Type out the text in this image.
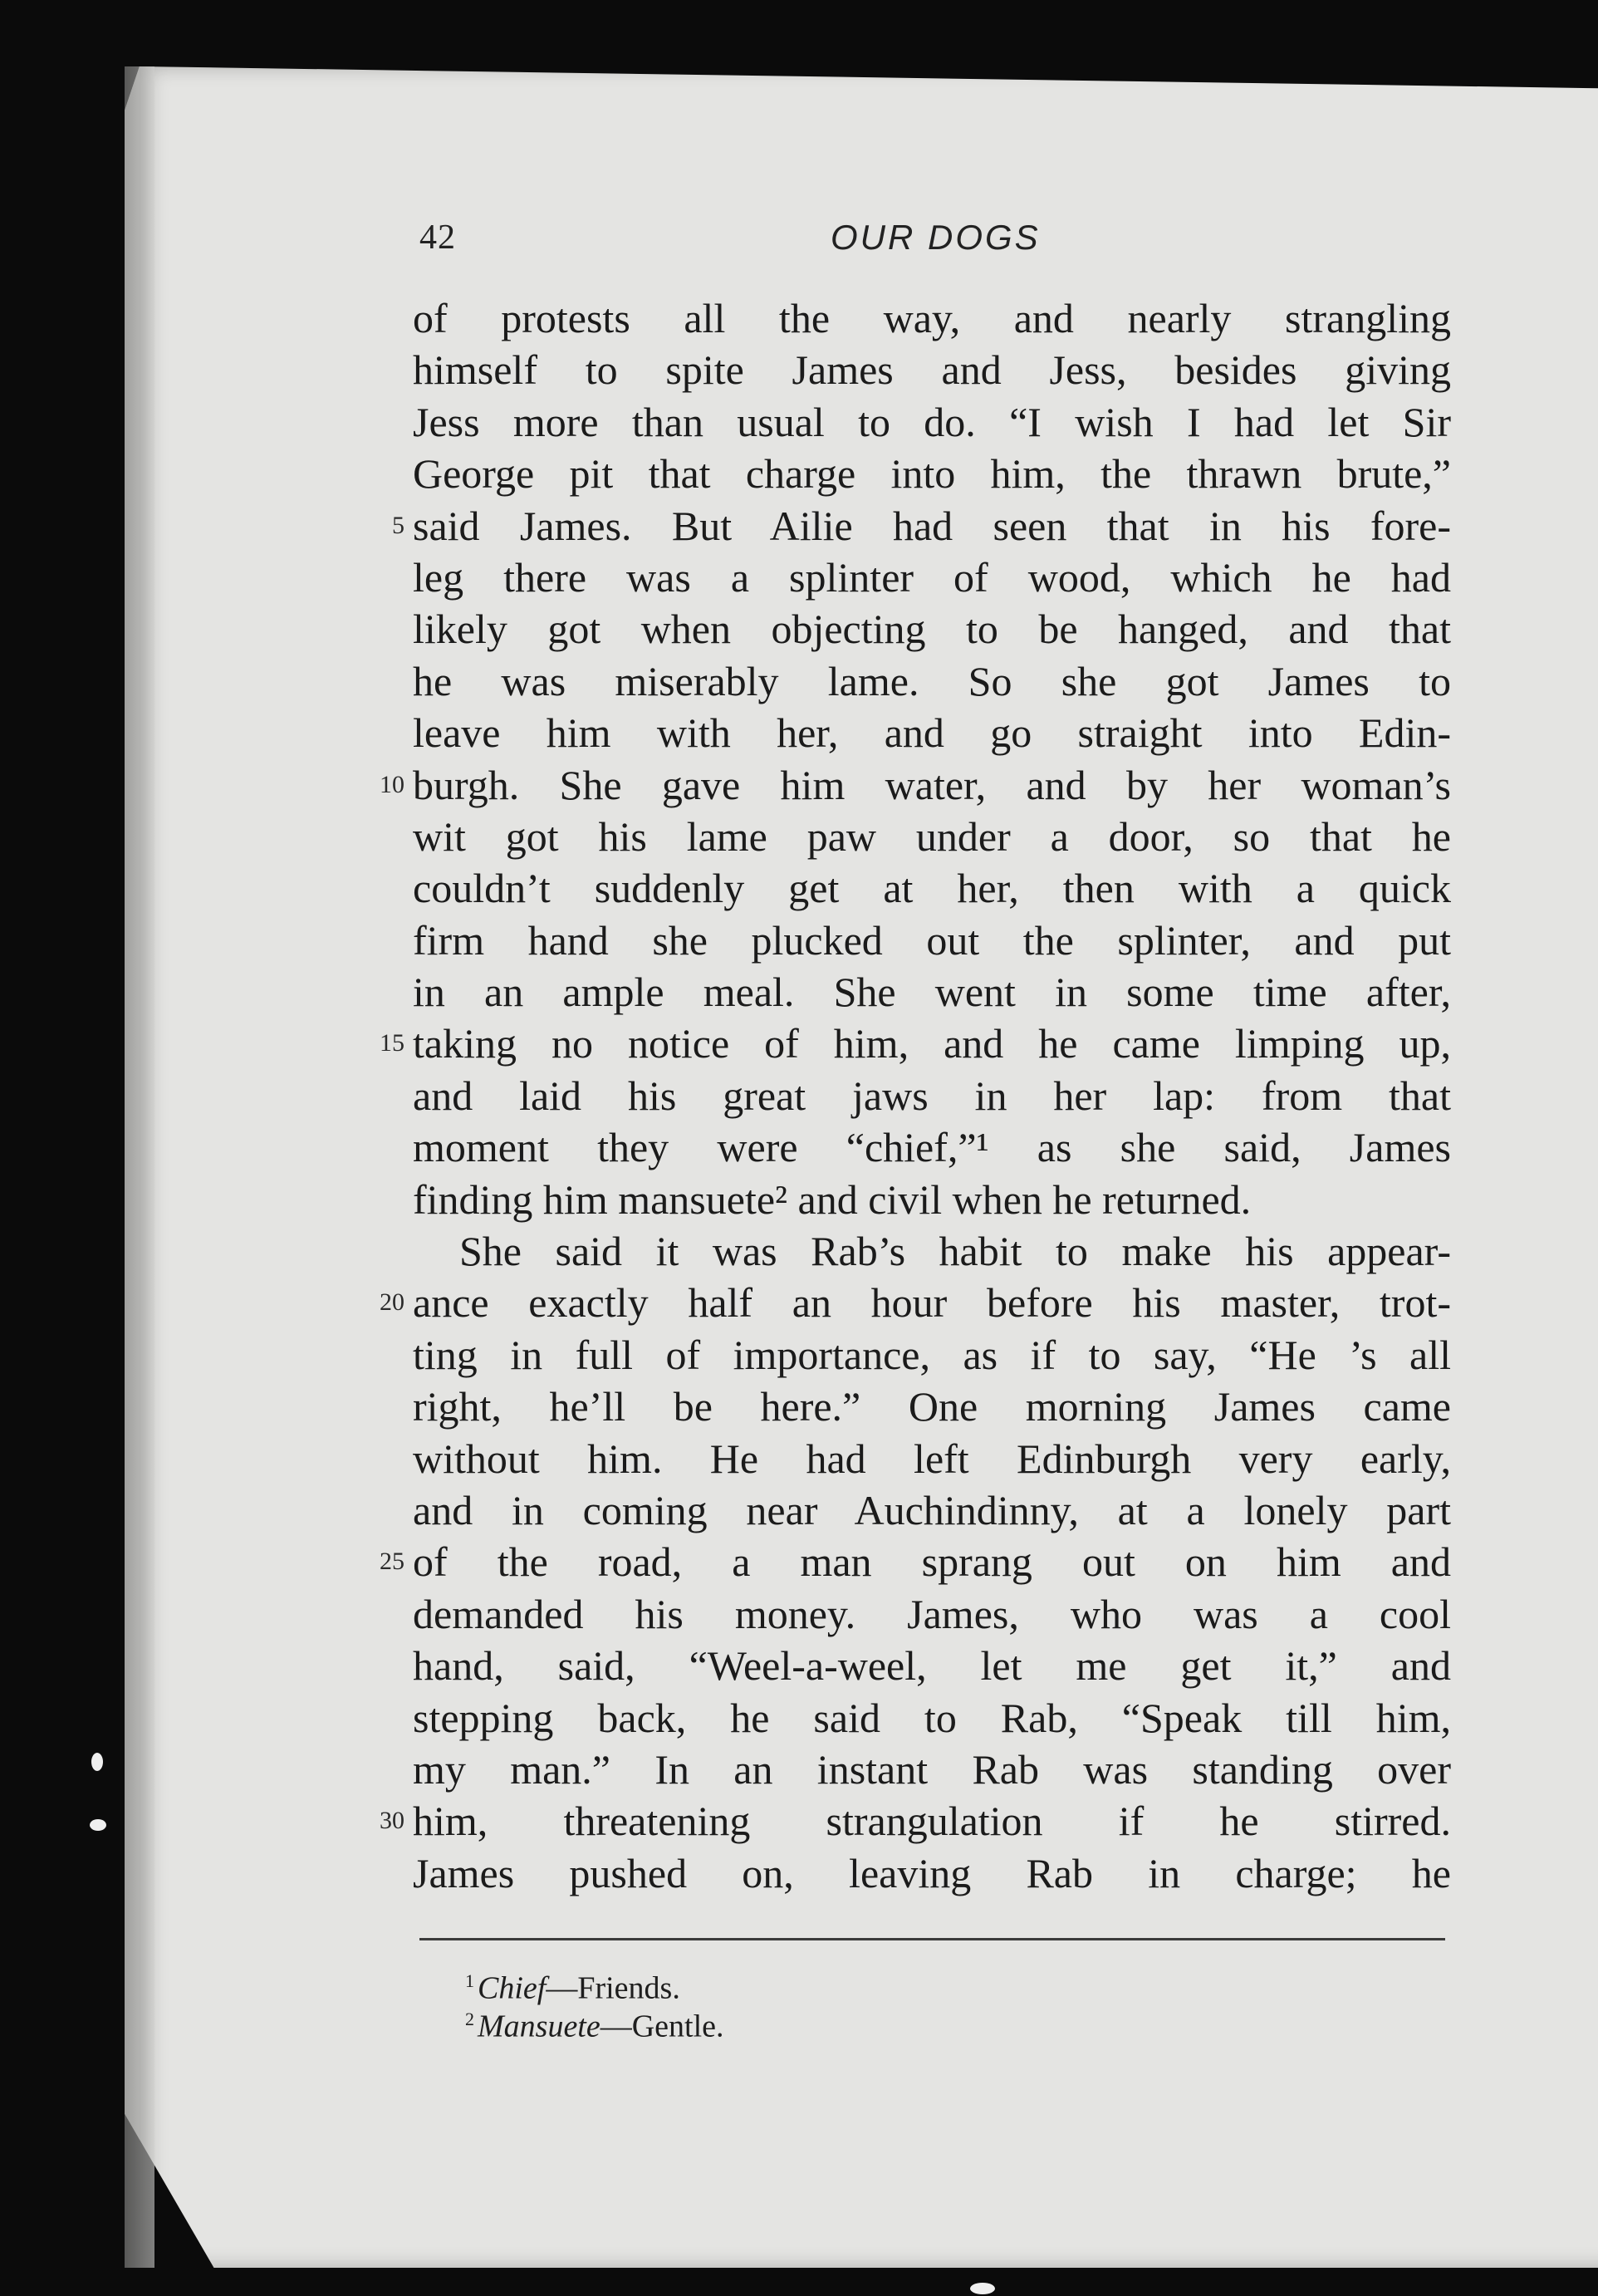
42	OUR DOGS
of protests all the way, and nearly strangling
himself to spite James and Jess, besides giving
Jess more than usual to do. “I wish I had let Sir
George pit that charge into him, the thrawn brute,”
5 said James. But Ailie had seen that in his fore-
leg there was a splinter of wood, which he had
likely got when objecting to be hanged, and that
he was miserably lame. So she got James to
leave him with her, and go straight into Edin-
10 burgh. She gave him water, and by her woman’s
wit got his lame paw under a door, so that he
couldn’t suddenly get at her, then with a quick
firm hand she plucked out the splinter, and put
in an ample meal. She went in some time after,
15 taking no notice of him, and he came limping up,
and laid his great jaws in her lap: from that
moment they were “chief,”¹ as she said, James
finding him mansuete² and civil when he returned.
She said it was Rab’s habit to make his appear-
20 ance exactly half an hour before his master, trot-
ting in full of importance, as if to say, “He ’s all
right, he’ll be here.” One morning James came
without him. He had left Edinburgh very early,
and in coming near Auchindinny, at a lonely part
25 of the road, a man sprang out on him and
demanded his money. James, who was a cool
hand, said, “Weel-a-weel, let me get it,” and
stepping back, he said to Rab, “Speak till him,
my man.” In an instant Rab was standing over
30 him, threatening strangulation if he stirred.
James pushed on, leaving Rab in charge; he
$^1$ Chief—Friends.
$^2$ Mansuete—Gentle.
